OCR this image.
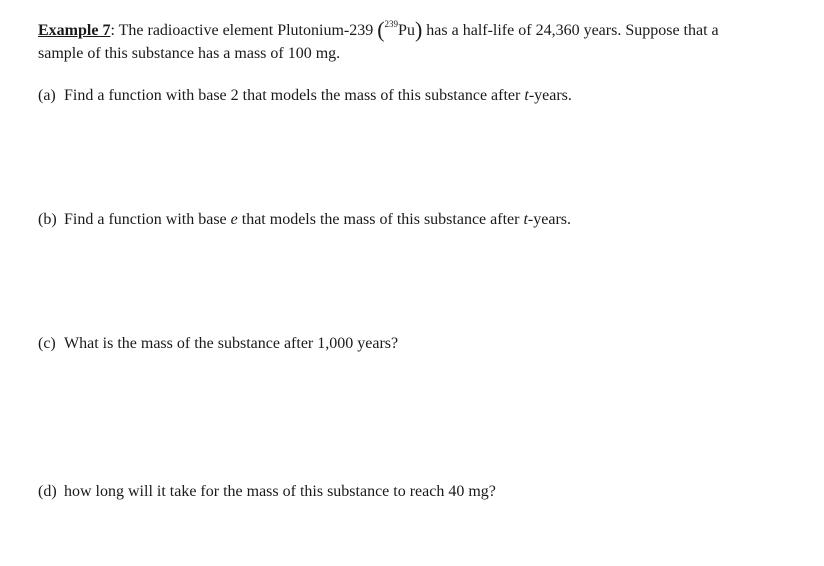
Example 7: The radioactive element Plutonium-239 ($^{239}$Pu) has a half-life of 24,360 years. Suppose that a
sample of this substance has a mass of 100 mg.
(a) Find a function with base 2 that models the mass of this substance after t-years.
(b) Find a function with base e that models the mass of this substance after t-years.
(c) What is the mass of the substance after 1,000 years?
(d) how long will it take for the mass of this substance to reach 40 mg?
